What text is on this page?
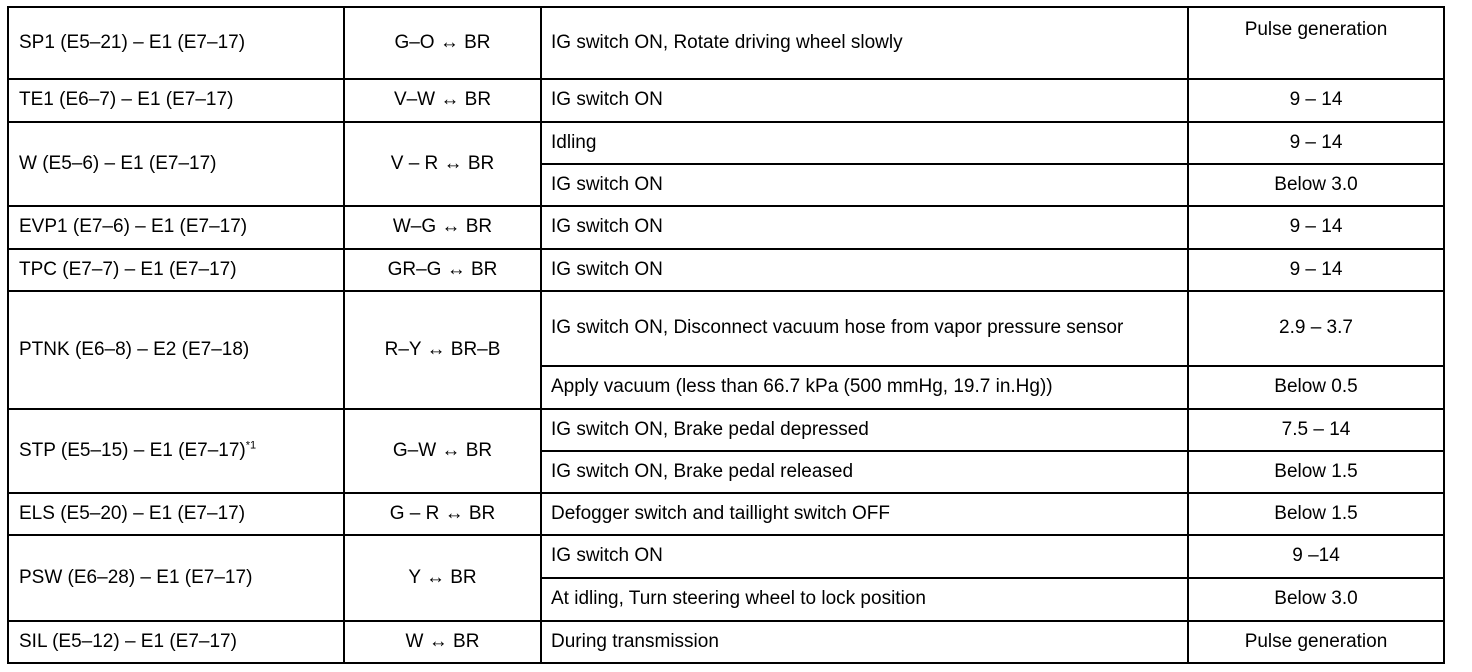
SP1 (E5–21) – E1 (E7–17)	G–O ↔ BR	IG switch ON, Rotate driving wheel slowly	Pulse generation
TE1 (E6–7) – E1 (E7–17)	V–W ↔ BR	IG switch ON	9 – 14
W (E5–6) – E1 (E7–17)	V – R ↔ BR	Idling	9 – 14
		IG switch ON	Below 3.0
EVP1 (E7–6) – E1 (E7–17)	W–G ↔ BR	IG switch ON	9 – 14
TPC (E7–7) – E1 (E7–17)	GR–G ↔ BR	IG switch ON	9 – 14
PTNK (E6–8) – E2 (E7–18)	R–Y ↔ BR–B	IG switch ON, Disconnect vacuum hose from vapor pressure sensor	2.9 – 3.7
		Apply vacuum (less than 66.7 kPa (500 mmHg, 19.7 in.Hg))	Below 0.5
STP (E5–15) – E1 $(E7-17)^{*1}$	G–W ↔ BR	IG switch ON, Brake pedal depressed	7.5 – 14
		IG switch ON, Brake pedal released	Below 1.5
ELS (E5–20) – E1 (E7–17)	G – R ↔ BR	Defogger switch and taillight switch OFF	Below 1.5
PSW (E6–28) – E1 (E7–17)	Y ↔ BR	IG switch ON	9 –14
		At idling, Turn steering wheel to lock position	Below 3.0
SIL (E5–12) – E1 (E7–17)	W ↔ BR	During transmission	Pulse generation
